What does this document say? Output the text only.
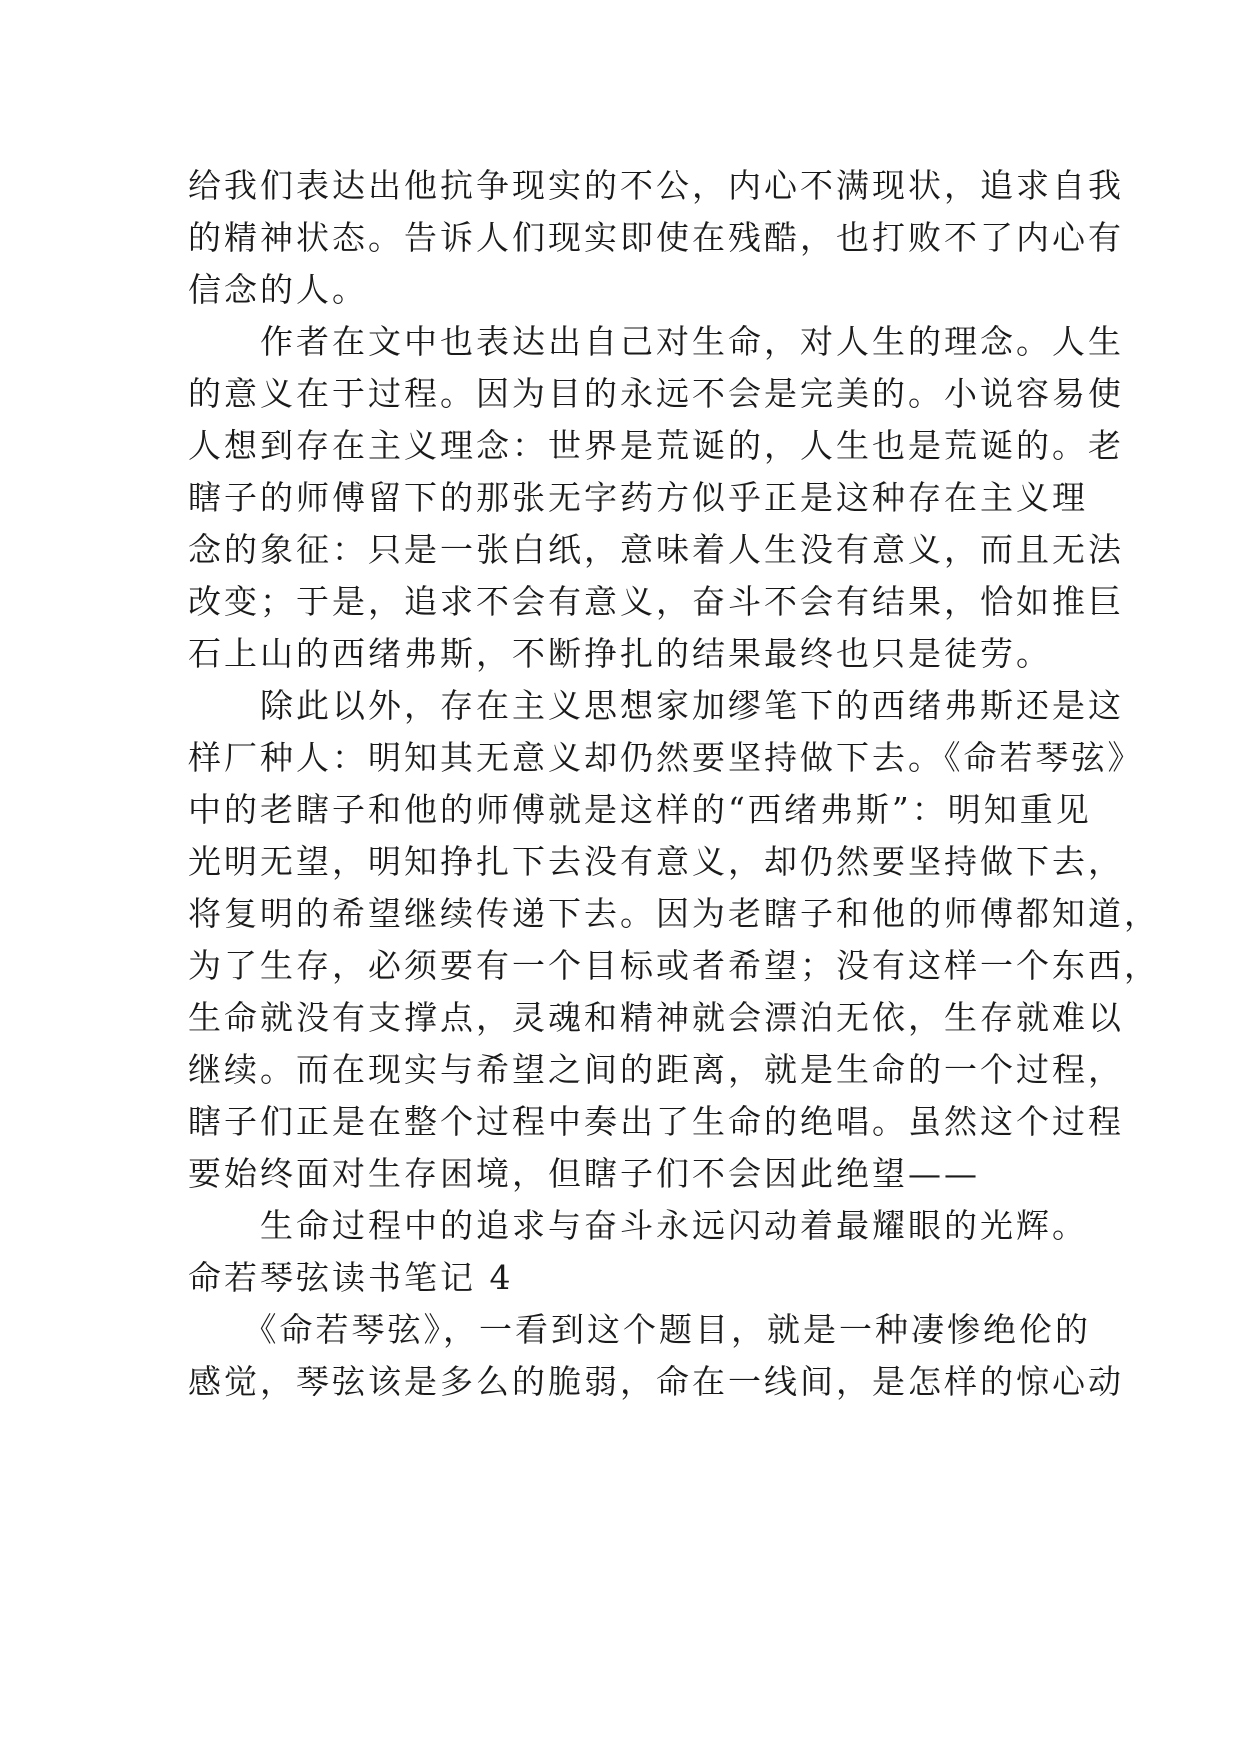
给我们表达出他抗争现实的不公，内心不满现状，追求自我
的精神状态。告诉人们现实即使在残酷，也打败不了内心有
信念的人。
　　作者在文中也表达出自己对生命，对人生的理念。人生
的意义在于过程。因为目的永远不会是完美的。小说容易使
人想到存在主义理念：世界是荒诞的，人生也是荒诞的。老
瞎子的师傅留下的那张无字药方似乎正是这种存在主义理
念的象征：只是一张白纸，意味着人生没有意义，而且无法
改变；于是，追求不会有意义，奋斗不会有结果，恰如推巨
石上山的西绪弗斯，不断挣扎的结果最终也只是徒劳。
　　除此以外，存在主义思想家加缪笔下的西绪弗斯还是这
样厂种人：明知其无意义却仍然要坚持做下去。《命若琴弦》
中的老瞎子和他的师傅就是这样的“西绪弗斯”：明知重见
光明无望，明知挣扎下去没有意义，却仍然要坚持做下去，
将复明的希望继续传递下去。因为老瞎子和他的师傅都知道，
为了生存，必须要有一个目标或者希望；没有这样一个东西，
生命就没有支撑点，灵魂和精神就会漂泊无依，生存就难以
继续。而在现实与希望之间的距离，就是生命的一个过程，
瞎子们正是在整个过程中奏出了生命的绝唱。虽然这个过程
要始终面对生存困境，但瞎子们不会因此绝望——
　　生命过程中的追求与奋斗永远闪动着最耀眼的光辉。
命若琴弦读书笔记 4
　　《命若琴弦》，一看到这个题目，就是一种凄惨绝伦的
感觉，琴弦该是多么的脆弱，命在一线间，是怎样的惊心动
